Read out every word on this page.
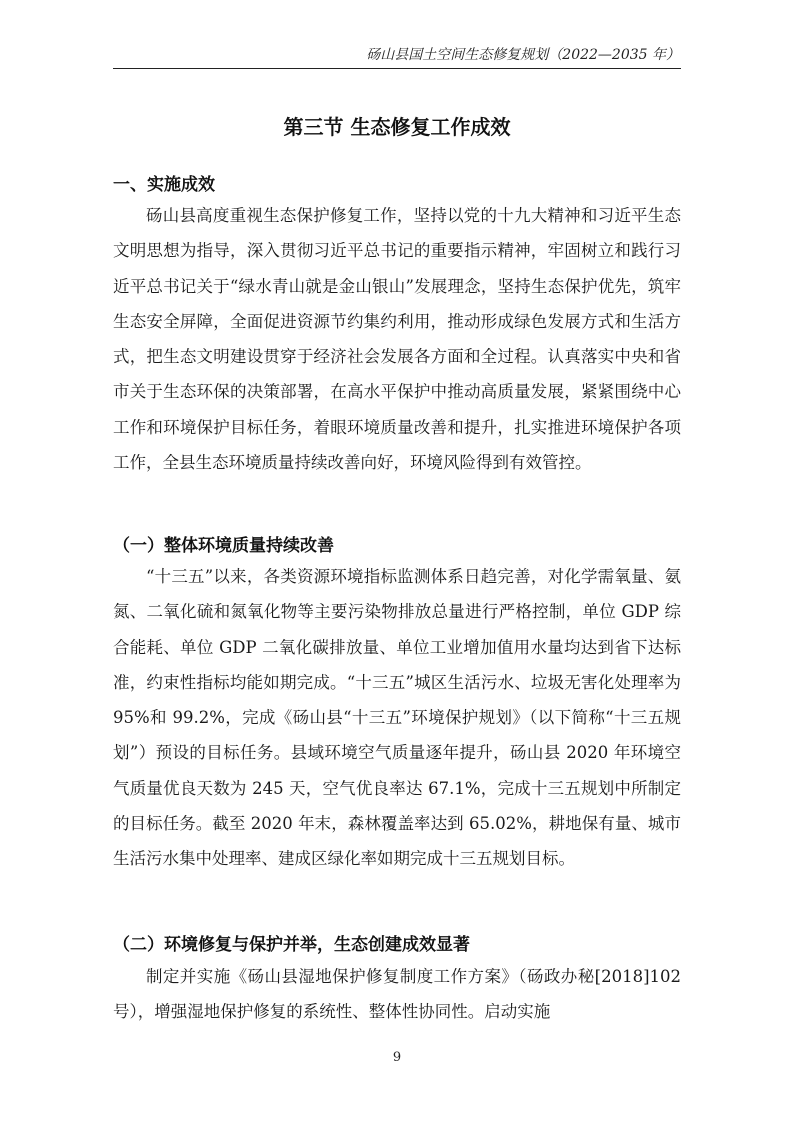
砀山县国土空间生态修复规划（2022—2035 年）
第三节 生态修复工作成效
一、实施成效

砀山县高度重视生态保护修复工作，坚持以党的十九大精神和习近平生态文明思想为指导，深入贯彻习近平总书记的重要指示精神，牢固树立和践行习近平总书记关于“绿水青山就是金山银山”发展理念，坚持生态保护优先，筑牢生态安全屏障，全面促进资源节约集约利用，推动形成绿色发展方式和生活方式，把生态文明建设贯穿于经济社会发展各方面和全过程。认真落实中央和省市关于生态环保的决策部署，在高水平保护中推动高质量发展，紧紧围绕中心工作和环境保护目标任务，着眼环境质量改善和提升，扎实推进环境保护各项工作，全县生态环境质量持续改善向好，环境风险得到有效管控。

（一）整体环境质量持续改善

“十三五”以来，各类资源环境指标监测体系日趋完善，对化学需氧量、氨氮、二氧化硫和氮氧化物等主要污染物排放总量进行严格控制，单位 GDP 综合能耗、单位 GDP 二氧化碳排放量、单位工业增加值用水量均达到省下达标准，约束性指标均能如期完成。“十三五”城区生活污水、垃圾无害化处理率为 95%和 99.2%，完成《砀山县“十三五”环境保护规划》（以下简称“十三五规划”）预设的目标任务。县域环境空气质量逐年提升，砀山县 2020 年环境空气质量优良天数为 245 天，空气优良率达 67.1%，完成十三五规划中所制定的目标任务。截至 2020 年末，森林覆盖率达到 65.02%，耕地保有量、城市生活污水集中处理率、建成区绿化率如期完成十三五规划目标。

（二）环境修复与保护并举，生态创建成效显著

制定并实施《砀山县湿地保护修复制度工作方案》（砀政办秘[2018]102 号），增强湿地保护修复的系统性、整体性协同性。启动实施

9
